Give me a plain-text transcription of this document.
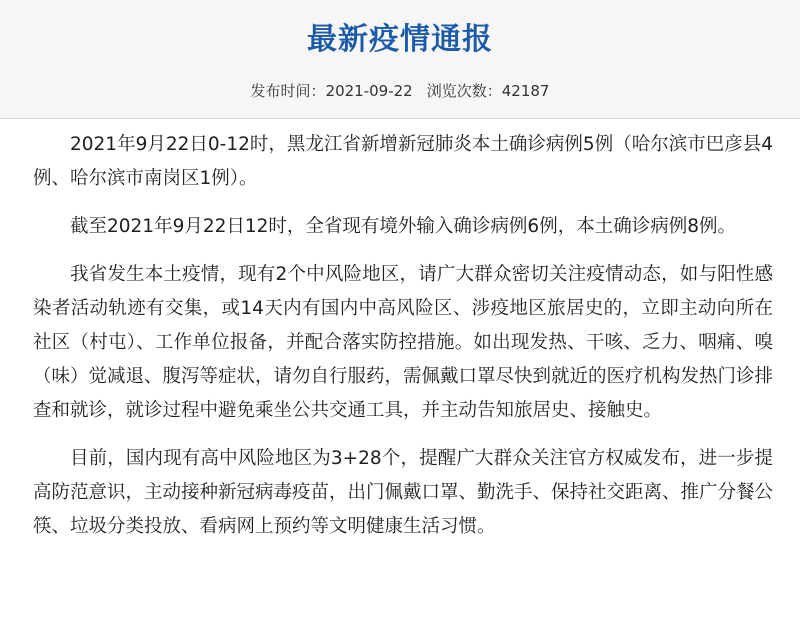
最新疫情通报
发布时间：2021-09-22 浏览次数：42187

2021年9月22日0-12时，黑龙江省新增新冠肺炎本土确诊病例5例（哈尔滨市巴彦县4例、哈尔滨市南岗区1例）。

截至2021年9月22日12时，全省现有境外输入确诊病例6例，本土确诊病例8例。

我省发生本土疫情，现有2个中风险地区，请广大群众密切关注疫情动态，如与阳性感染者活动轨迹有交集，或14天内有国内中高风险区、涉疫地区旅居史的，立即主动向所在社区（村屯）、工作单位报备，并配合落实防控措施。如出现发热、干咳、乏力、咽痛、嗅（味）觉减退、腹泻等症状，请勿自行服药，需佩戴口罩尽快到就近的医疗机构发热门诊排查和就诊，就诊过程中避免乘坐公共交通工具，并主动告知旅居史、接触史。

目前，国内现有高中风险地区为3+28个，提醒广大群众关注官方权威发布，进一步提高防范意识，主动接种新冠病毒疫苗，出门佩戴口罩、勤洗手、保持社交距离、推广分餐公筷、垃圾分类投放、看病网上预约等文明健康生活习惯。
